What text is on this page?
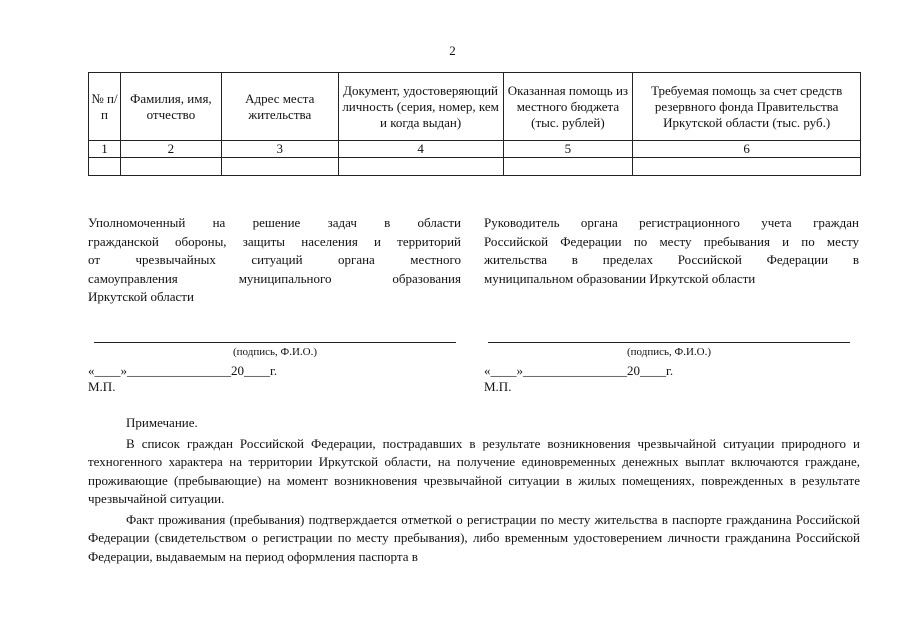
2
№ п/п	Фамилия, имя, отчество	Адрес места жительства	Документ, удостоверяющий личность (серия, номер, кем и когда выдан)	Оказанная помощь из местного бюджета (тыс. рублей)	Требуемая помощь за счет средств резервного фонда Правительства Иркутской области (тыс. руб.)
1	2	3	4	5	6

Уполномоченный на решение задач в области
гражданской обороны, защиты населения и территорий
от чрезвычайных ситуаций органа местного
самоуправления муниципального образования
Иркутской области
Руководитель органа регистрационного учета граждан
Российской Федерации по месту пребывания и по месту
жительства в пределах Российской Федерации в
муниципальном образовании Иркутской области
(подпись, Ф.И.О.)	(подпись, Ф.И.О.)
«____»________________20____г.	«____»________________20____г.
М.П.	М.П.
Примечание.

В список граждан Российской Федерации, пострадавших в результате возникновения чрезвычайной ситуации природного и техногенного характера на территории Иркутской области, на получение единовременных денежных выплат включаются граждане, проживающие (пребывающие) на момент возникновения чрезвычайной ситуации в жилых помещениях, поврежденных в результате чрезвычайной ситуации.

Факт проживания (пребывания) подтверждается отметкой о регистрации по месту жительства в паспорте гражданина Российской Федерации (свидетельством о регистрации по месту пребывания), либо временным удостоверением личности гражданина Российской Федерации, выдаваемым на период оформления паспорта в
